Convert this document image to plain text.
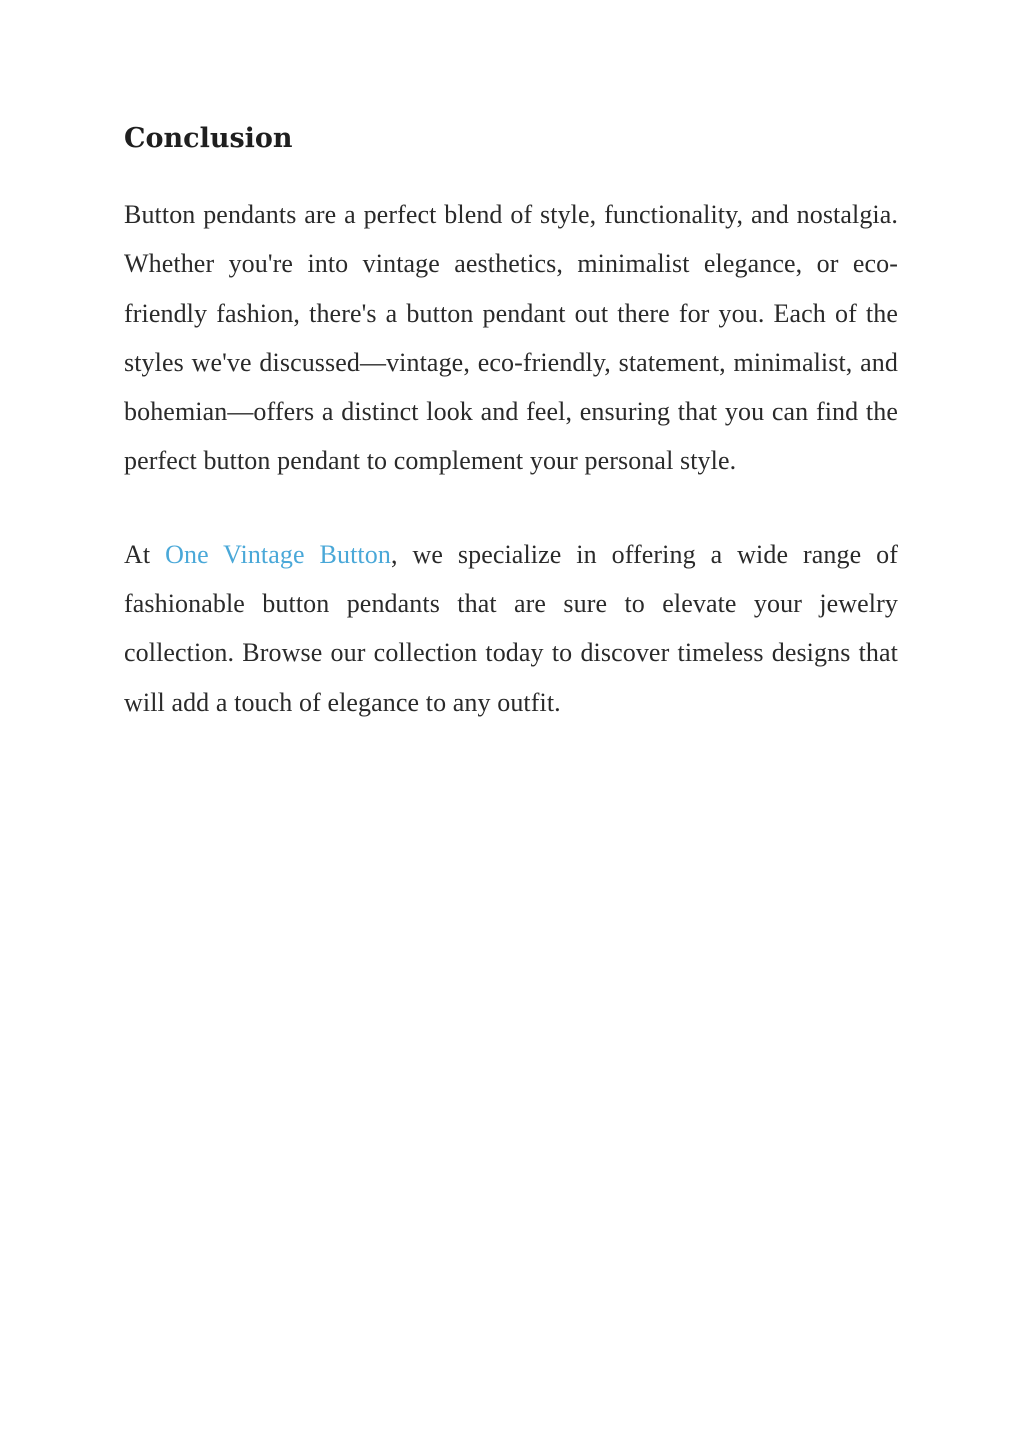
Conclusion

Button pendants are a perfect blend of style, functionality, and nostalgia. Whether you're into vintage aesthetics, minimalist elegance, or eco-friendly fashion, there's a button pendant out there for you. Each of the styles we've discussed—vintage, eco-friendly, statement, minimalist, and bohemian—offers a distinct look and feel, ensuring that you can find the perfect button pendant to complement your personal style.

At One Vintage Button, we specialize in offering a wide range of fashionable button pendants that are sure to elevate your jewelry collection. Browse our collection today to discover timeless designs that will add a touch of elegance to any outfit.
